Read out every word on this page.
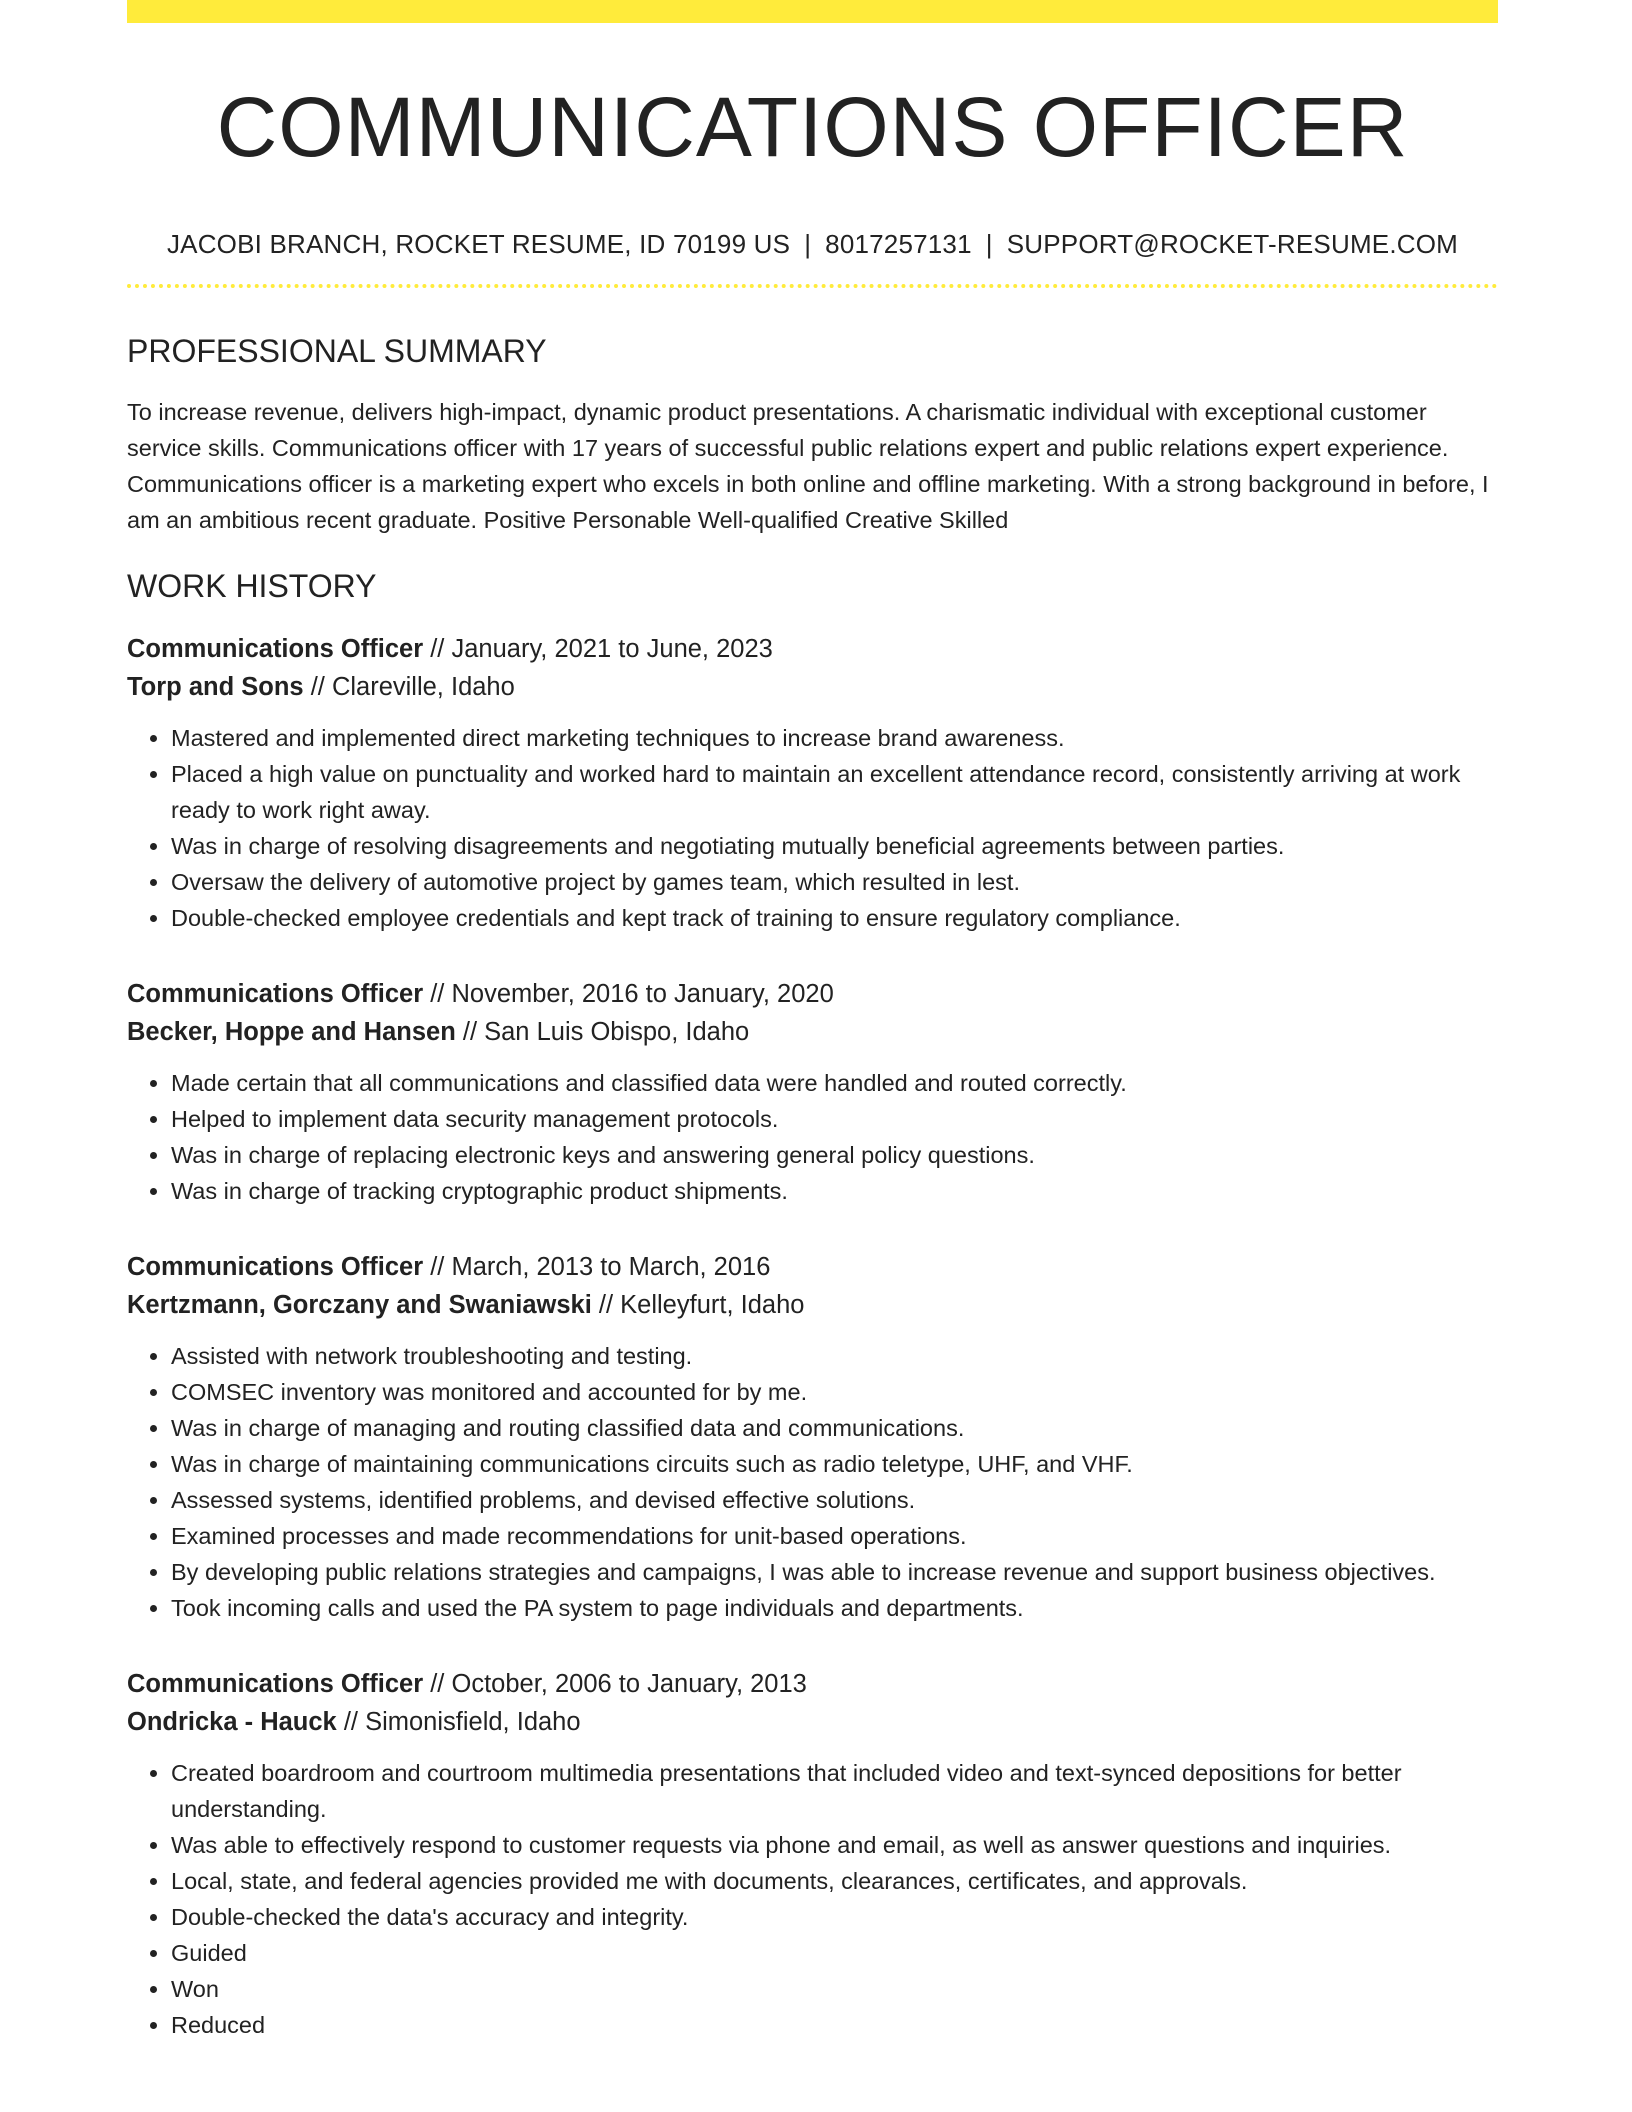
COMMUNICATIONS OFFICER
JACOBI BRANCH, ROCKET RESUME, ID 70199 US | 8017257131 | SUPPORT@ROCKET-RESUME.COM
PROFESSIONAL SUMMARY
To increase revenue, delivers high-impact, dynamic product presentations. A charismatic individual with exceptional customer service skills. Communications officer with 17 years of successful public relations expert and public relations expert experience. Communications officer is a marketing expert who excels in both online and offline marketing. With a strong background in before, I am an ambitious recent graduate. Positive Personable Well-qualified Creative Skilled
WORK HISTORY
Communications Officer // January, 2021 to June, 2023
Torp and Sons // Clareville, Idaho
• Mastered and implemented direct marketing techniques to increase brand awareness.
• Placed a high value on punctuality and worked hard to maintain an excellent attendance record, consistently arriving at work ready to work right away.
• Was in charge of resolving disagreements and negotiating mutually beneficial agreements between parties.
• Oversaw the delivery of automotive project by games team, which resulted in lest.
• Double-checked employee credentials and kept track of training to ensure regulatory compliance.
Communications Officer // November, 2016 to January, 2020
Becker, Hoppe and Hansen // San Luis Obispo, Idaho
• Made certain that all communications and classified data were handled and routed correctly.
• Helped to implement data security management protocols.
• Was in charge of replacing electronic keys and answering general policy questions.
• Was in charge of tracking cryptographic product shipments.
Communications Officer // March, 2013 to March, 2016
Kertzmann, Gorczany and Swaniawski // Kelleyfurt, Idaho
• Assisted with network troubleshooting and testing.
• COMSEC inventory was monitored and accounted for by me.
• Was in charge of managing and routing classified data and communications.
• Was in charge of maintaining communications circuits such as radio teletype, UHF, and VHF.
• Assessed systems, identified problems, and devised effective solutions.
• Examined processes and made recommendations for unit-based operations.
• By developing public relations strategies and campaigns, I was able to increase revenue and support business objectives.
• Took incoming calls and used the PA system to page individuals and departments.
Communications Officer // October, 2006 to January, 2013
Ondricka - Hauck // Simonisfield, Idaho
• Created boardroom and courtroom multimedia presentations that included video and text-synced depositions for better understanding.
• Was able to effectively respond to customer requests via phone and email, as well as answer questions and inquiries.
• Local, state, and federal agencies provided me with documents, clearances, certificates, and approvals.
• Double-checked the data's accuracy and integrity.
• Guided
• Won
• Reduced
